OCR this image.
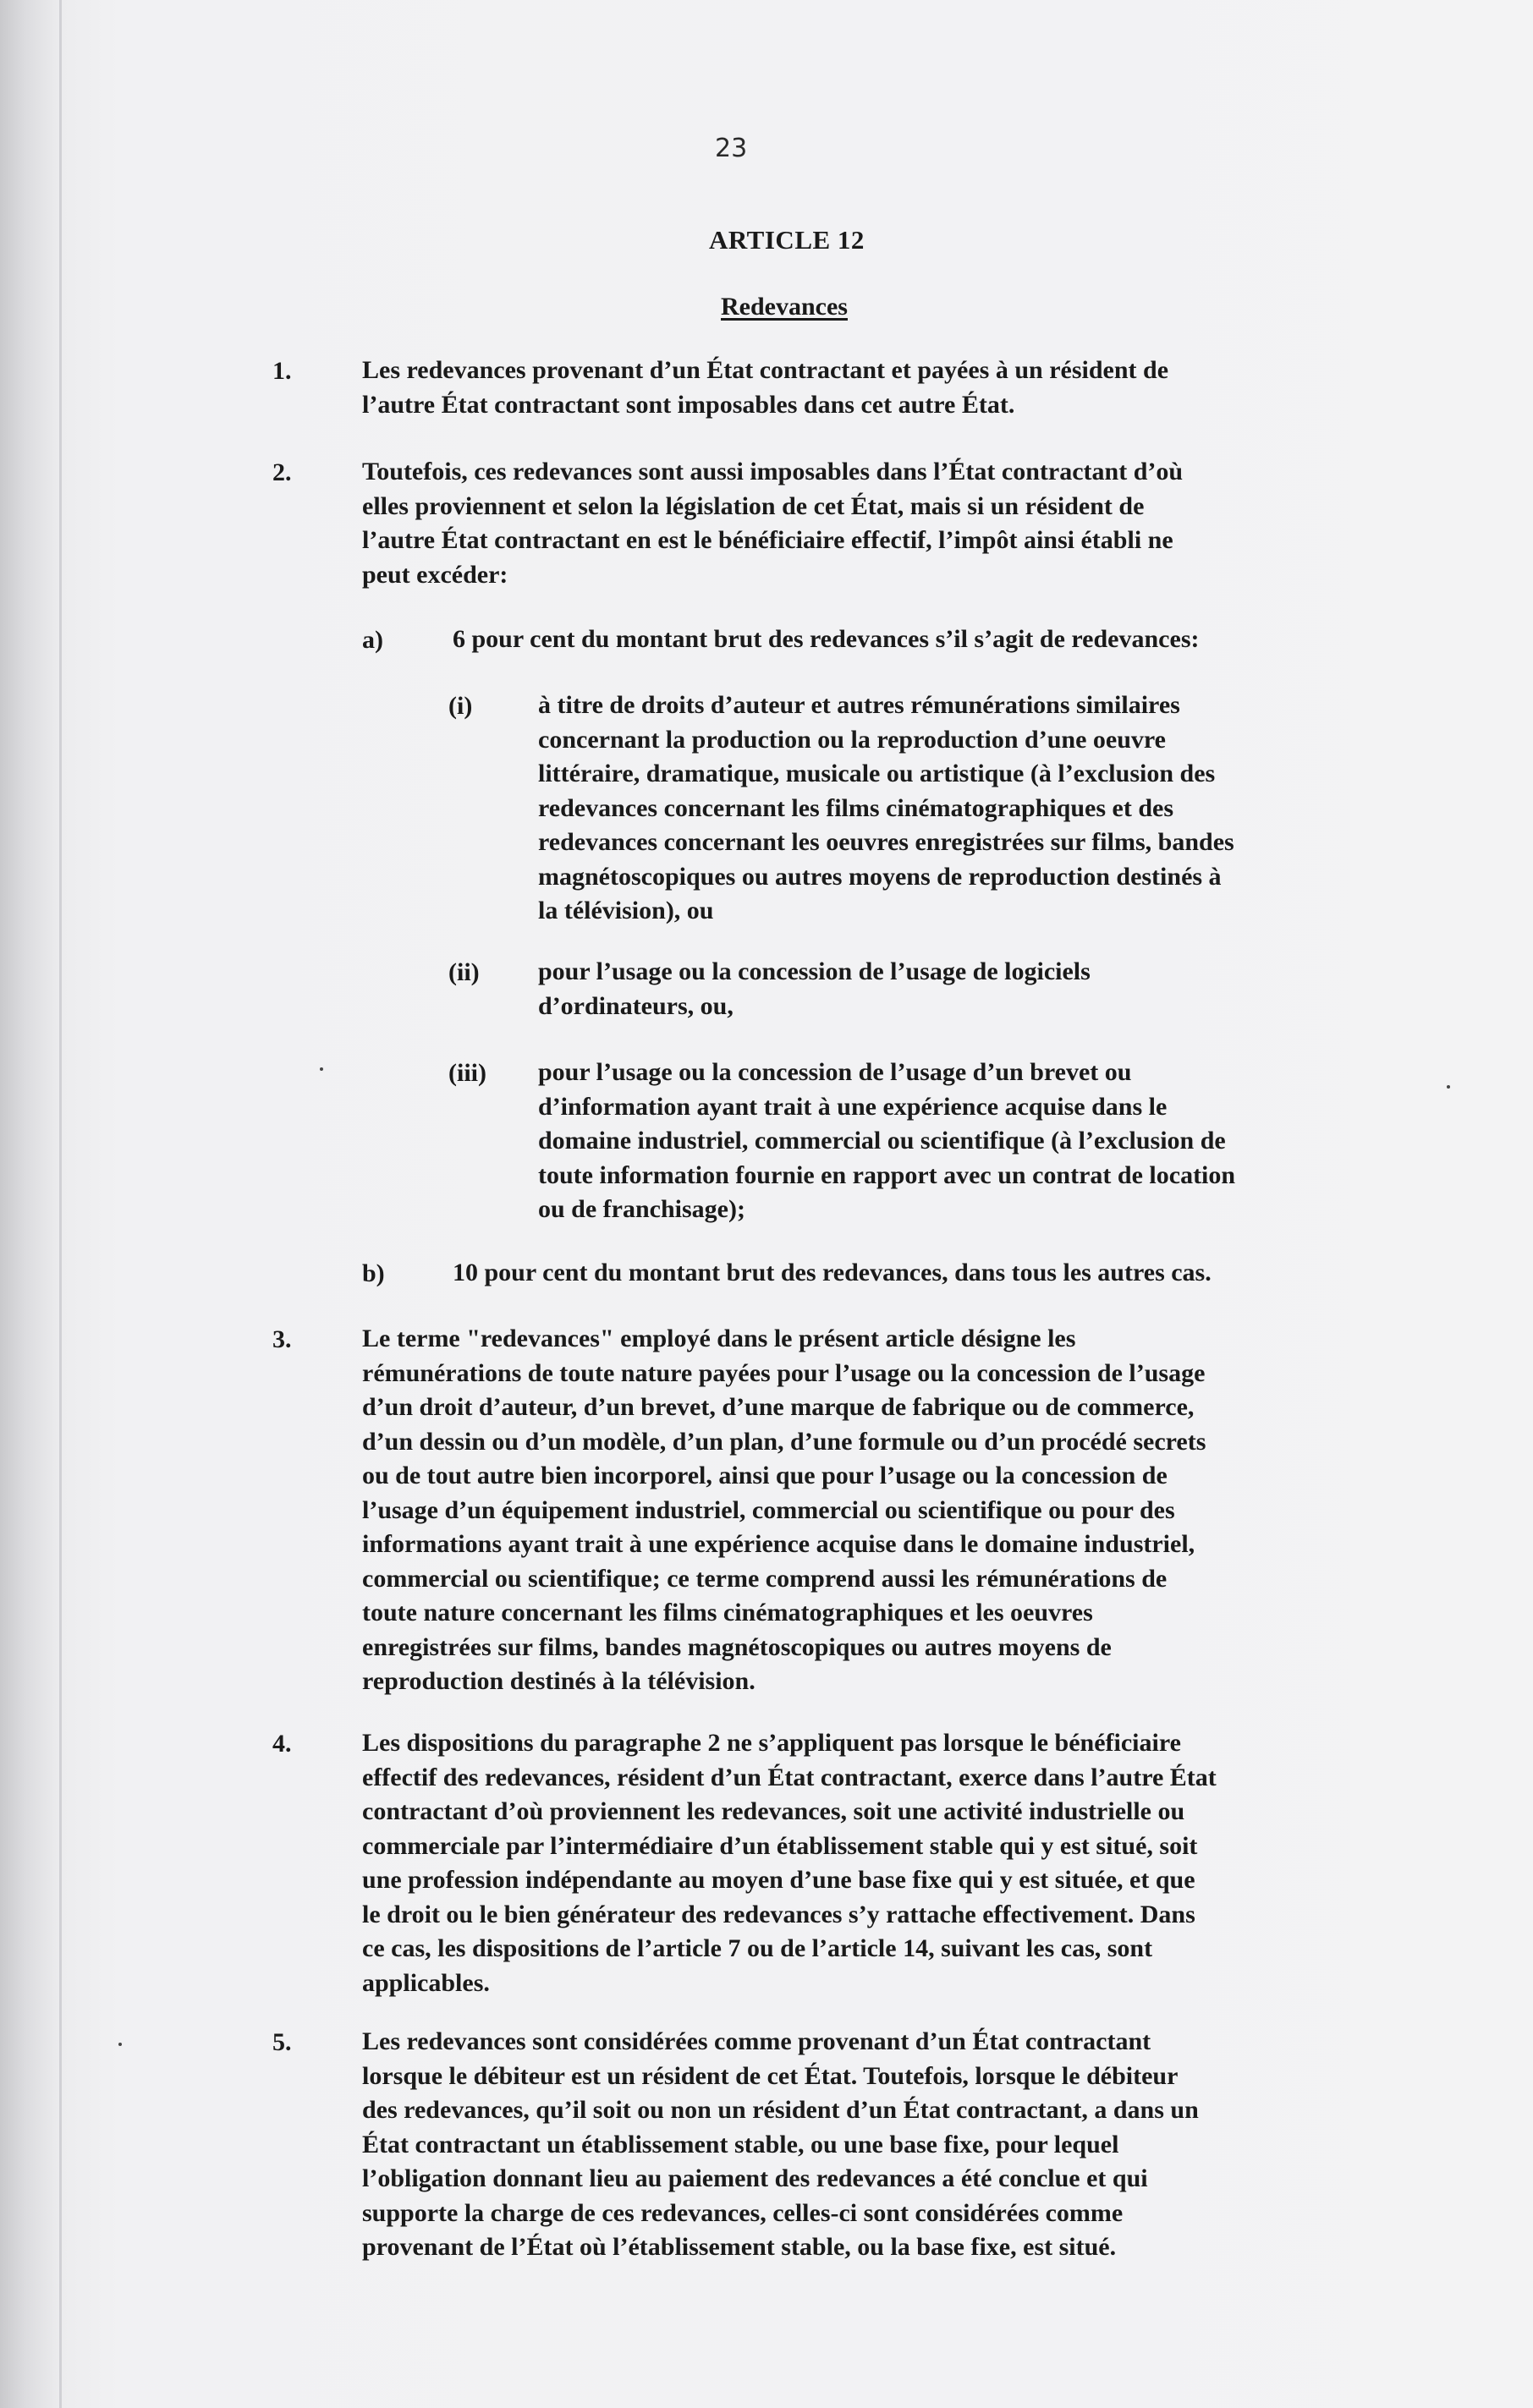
23
ARTICLE 12
Redevances
1.	Les redevances provenant d’un État contractant et payées à un résident de
l’autre État contractant sont imposables dans cet autre État.
2.	Toutefois, ces redevances sont aussi imposables dans l’État contractant d’où
elles proviennent et selon la législation de cet État, mais si un résident de
l’autre État contractant en est le bénéficiaire effectif, l’impôt ainsi établi ne
peut excéder:
a)	6 pour cent du montant brut des redevances s’il s’agit de redevances:
(i)	à titre de droits d’auteur et autres rémunérations similaires
concernant la production ou la reproduction d’une oeuvre
littéraire, dramatique, musicale ou artistique (à l’exclusion des
redevances concernant les films cinématographiques et des
redevances concernant les oeuvres enregistrées sur films, bandes
magnétoscopiques ou autres moyens de reproduction destinés à
la télévision), ou
(ii) pour l’usage ou la concession de l’usage de logiciels
d’ordinateurs, ou,
(iii) pour l’usage ou la concession de l’usage d’un brevet ou
d’information ayant trait à une expérience acquise dans le
domaine industriel, commercial ou scientifique (à l’exclusion de
toute information fournie en rapport avec un contrat de location
ou de franchisage);
b)	10 pour cent du montant brut des redevances, dans tous les autres cas.
3.	Le terme "redevances" employé dans le présent article désigne les
rémunérations de toute nature payées pour l’usage ou la concession de l’usage
d’un droit d’auteur, d’un brevet, d’une marque de fabrique ou de commerce,
d’un dessin ou d’un modèle, d’un plan, d’une formule ou d’un procédé secrets
ou de tout autre bien incorporel, ainsi que pour l’usage ou la concession de
l’usage d’un équipement industriel, commercial ou scientifique ou pour des
informations ayant trait à une expérience acquise dans le domaine industriel,
commercial ou scientifique; ce terme comprend aussi les rémunérations de
toute nature concernant les films cinématographiques et les oeuvres
enregistrées sur films, bandes magnétoscopiques ou autres moyens de
reproduction destinés à la télévision.
4.	Les dispositions du paragraphe 2 ne s’appliquent pas lorsque le bénéficiaire
effectif des redevances, résident d’un État contractant, exerce dans l’autre État
contractant d’où proviennent les redevances, soit une activité industrielle ou
commerciale par l’intermédiaire d’un établissement stable qui y est situé, soit
une profession indépendante au moyen d’une base fixe qui y est située, et que
le droit ou le bien générateur des redevances s’y rattache effectivement. Dans
ce cas, les dispositions de l’article 7 ou de l’article 14, suivant les cas, sont
applicables.
5.	Les redevances sont considérées comme provenant d’un État contractant
lorsque le débiteur est un résident de cet État. Toutefois, lorsque le débiteur
des redevances, qu’il soit ou non un résident d’un État contractant, a dans un
État contractant un établissement stable, ou une base fixe, pour lequel
l’obligation donnant lieu au paiement des redevances a été conclue et qui
supporte la charge de ces redevances, celles-ci sont considérées comme
provenant de l’État où l’établissement stable, ou la base fixe, est situé.
